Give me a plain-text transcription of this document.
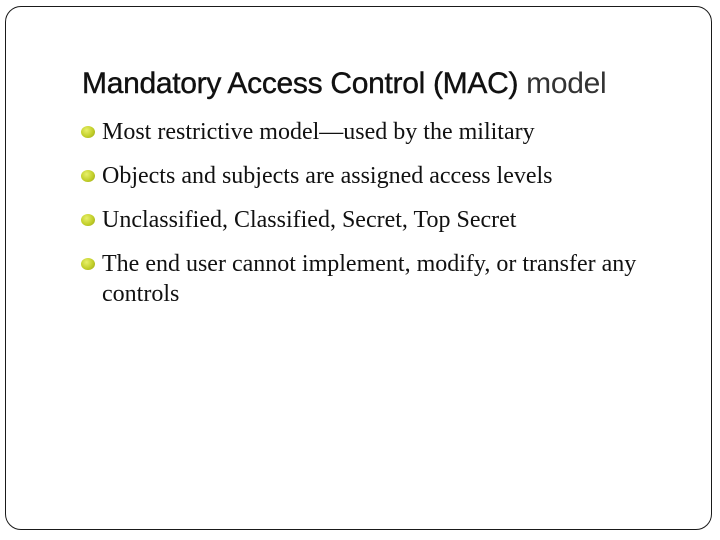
Mandatory Access Control (MAC) model
Most restrictive model—used by the military
Objects and subjects are assigned access levels
Unclassified, Classified, Secret, Top Secret
The end user cannot implement, modify, or transfer any controls
